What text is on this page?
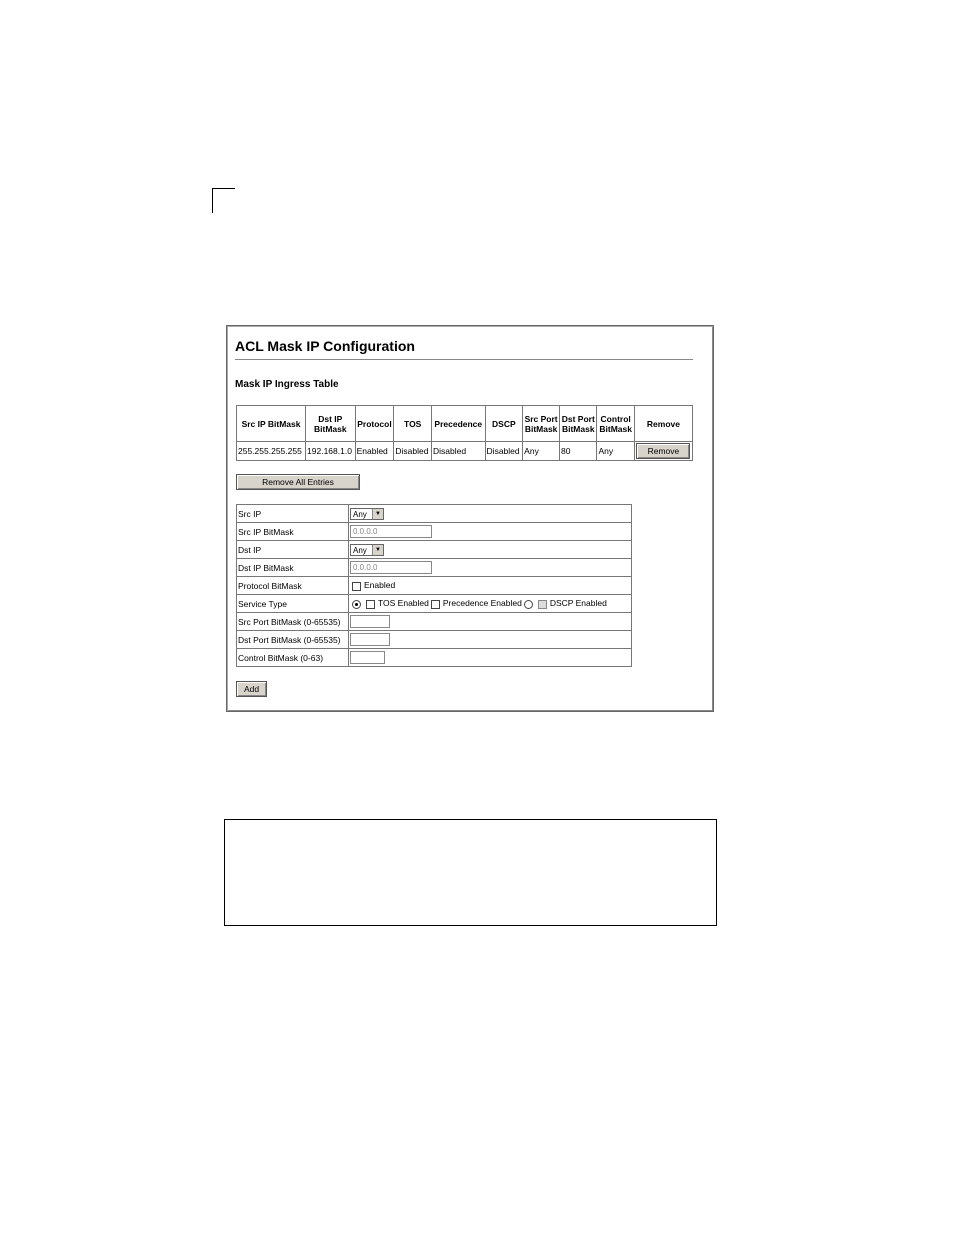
ACL Mask IP Configuration
Mask IP Ingress Table
Src IP BitMask	Dst IP BitMask	Protocol	TOS	Precedence	DSCP	Src Port BitMask	Dst Port BitMask	Control BitMask	Remove
255.255.255.255	192.168.1.0	Enabled	Disabled	Disabled	Disabled	Any	80	Any	Remove
Remove All Entries
Src IP	Any ▼

Src IP BitMask	0.0.0.0
Dst IP	Any ▼

Dst IP BitMask	0.0.0.0
Protocol BitMask	Enabled
Service Type	TOS Enabled Precedence Enabled DSCP Enabled
Src Port BitMask (0-65535)	
Dst Port BitMask (0-65535)	
Control BitMask (0-63)	
Add
